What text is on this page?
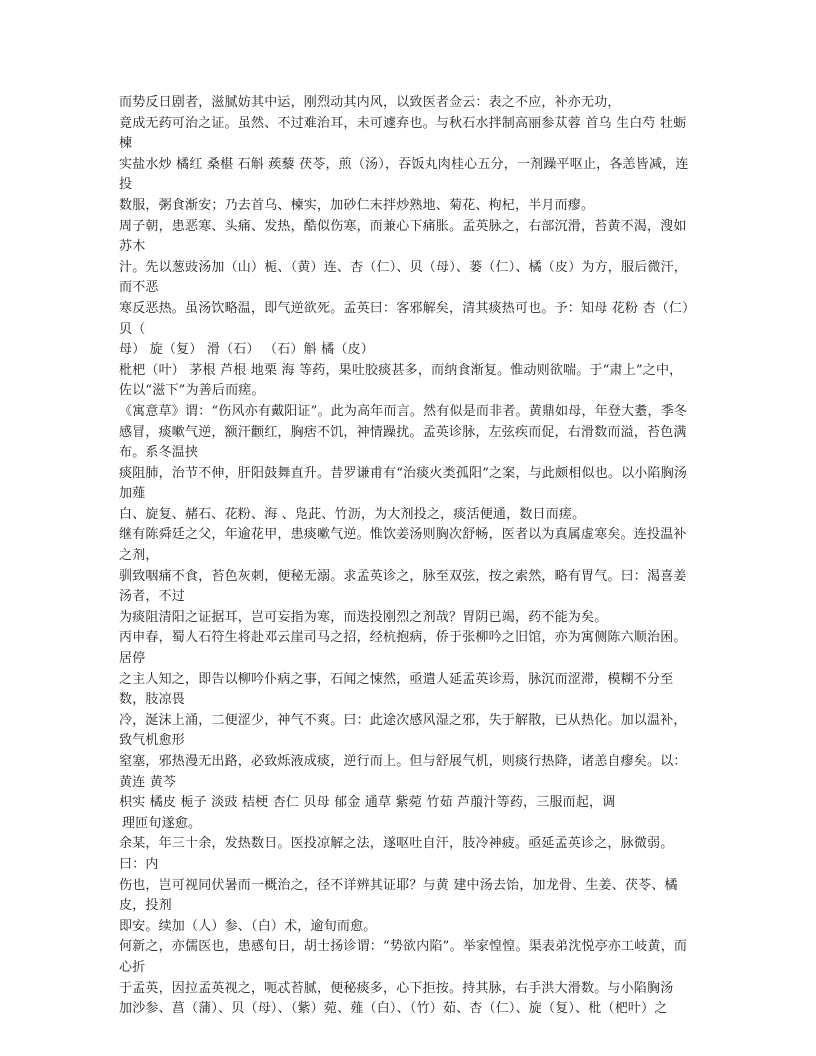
而势反日剧者，滋腻妨其中运，刚烈动其内风，以致医者佥云：表之不应，补亦无功，
竟成无药可治之证。虽然、不过难治耳，未可遽弃也。与秋石水拌制高丽参苁蓉 首乌 生白芍 牡蛎 楝
实盐水炒 橘红 桑椹 石斛 蒺藜 茯苓，煎（汤），吞饭丸肉桂心五分，一剂躁平呕止，各恙皆减，连投
数服，粥食渐安；乃去首乌、楝实，加砂仁末拌炒熟地、菊花、枸杞，半月而瘳。
周子朝，患恶寒、头痛、发热，酷似伤寒，而兼心下痛胀。孟英脉之，右部沉滑，苔黄不渴，溲如苏木
汁。先以葱豉汤加（山）栀、（黄）连、杏（仁）、贝（母）、蒌（仁）、橘（皮）为方，服后微汗，而不恶
寒反恶热。虽汤饮略温，即气逆欲死。孟英曰：客邪解矣，清其痰热可也。予：知母 花粉 杏（仁） 贝（
母） 旋（复） 滑（石） （石）斛 橘（皮）
枇杷（叶） 茅根 芦根 地栗 海 等药，果吐胶痰甚多，而纳食渐复。惟动则欲喘。于“肃上”之中，
佐以“滋下”为善后而瘥。
《寓意草》谓：“伤风亦有戴阳证”。此为高年而言。然有似是而非者。黄鼎如母，年登大耋，季冬感冒，痰嗽气逆，额汗颧红，胸痞不饥，神情躁扰。孟英诊脉，左弦疾而促，右滑数而溢，苔色满布。系冬温挟
痰阻肺，治节不伸，肝阳鼓舞直升。昔罗谦甫有“治痰火类孤阳”之案，与此颇相似也。以小陷胸汤加薤
白、旋复、赭石、花粉、海 、凫茈、竹沥，为大剂投之，痰活便通，数日而瘥。
继有陈舜廷之父，年逾花甲，患痰嗽气逆。惟饮姜汤则胸次舒畅，医者以为真属虚寒矣。连投温补之剂，
驯致咽痛不食，苔色灰刺，便秘无溺。求孟英诊之，脉至双弦，按之索然，略有胃气。曰：渴喜姜汤者，不过
为痰阻清阳之证据耳，岂可妄指为寒，而迭投刚烈之剂哉？胃阴已竭，药不能为矣。
丙申春，蜀人石符生将赴邓云崖司马之招，经杭抱病，侨于张柳吟之旧馆，亦为寓侧陈六顺治困。居停
之主人知之，即告以柳吟仆病之事，石闻之悚然，亟遣人延孟英诊焉，脉沉而涩滞，模糊不分至数，肢凉畏
冷，涎沫上涌，二便涩少，神气不爽。曰：此途次感风湿之邪，失于解散，已从热化。加以温补，致气机愈形
窒塞，邪热漫无出路，必致烁液成痰，逆行而上。但与舒展气机，则痰行热降，诸恙自瘳矣。以：黄连 黄芩
枳实 橘皮 栀子 淡豉 桔梗 杏仁 贝母 郁金 通草 紫菀 竹茹 芦菔汁等药，三服而起，调
理匝旬遂愈。
余某，年三十余，发热数日。医投凉解之法，遂呕吐自汗，肢冷神疲。亟延孟英诊之，脉微弱。曰：内
伤也，岂可视同伏暑而一概治之，径不详辨其证耶？与黄 建中汤去饴，加龙骨、生姜、茯苓、橘皮，投剂
即安。续加（人）参、（白）术，逾旬而愈。
何新之，亦儒医也，患感旬日，胡士扬诊谓：“势欲内陷”。举家惶惶。渠表弟沈悦亭亦工岐黄，而心折
于孟英，因拉孟英视之，呃忒苔腻，便秘痰多，心下拒按。持其脉，右手洪大滑数。与小陷胸汤
加沙参、菖（蒲）、贝（母）、（紫）菀、薤（白）、（竹）茹、杏（仁）、旋（复）、枇（杷叶）之
